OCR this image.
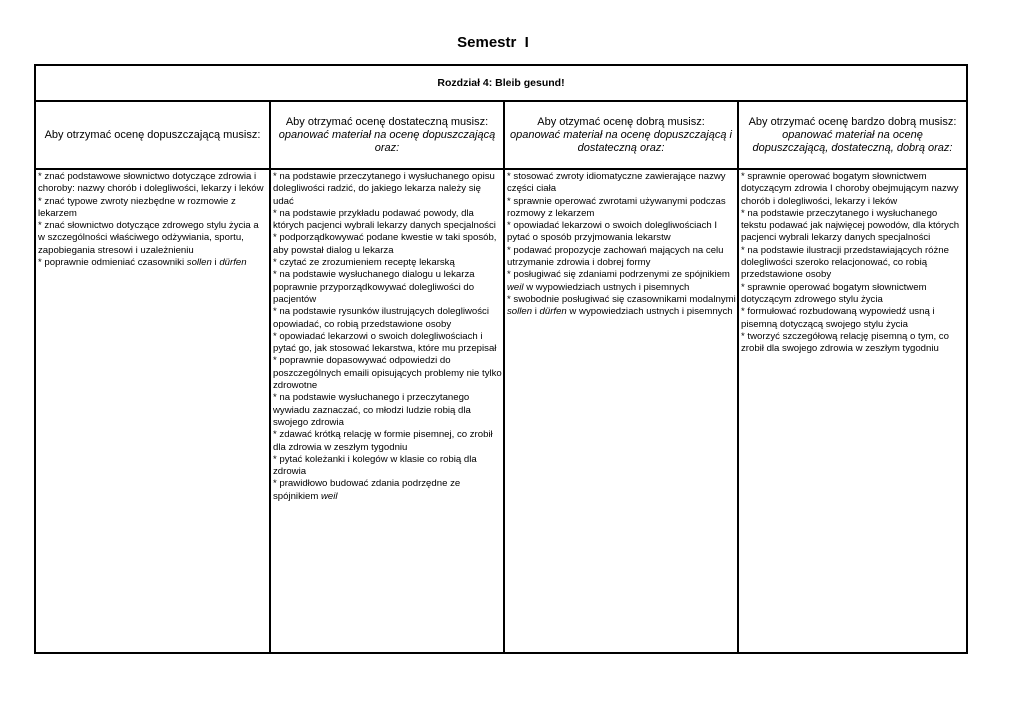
Semestr  I
Rozdział 4: Bleib gesund!
Aby otrzymać ocenę dopuszczającą musisz:
* znać podstawowe słownictwo dotyczące zdrowia i choroby: nazwy chorób i dolegliwości, lekarzy i leków
* znać typowe zwroty niezbędne w rozmowie z lekarzem
* znać słownictwo dotyczące zdrowego stylu życia a w szczególności właściwego odżywiania, sportu, zapobiegania stresowi i uzależnieniu
* poprawnie odmieniać czasowniki sollen i dürfen
Aby otrzymać ocenę dostateczną musisz:
opanować materiał na ocenę dopuszczającą oraz:
* na podstawie przeczytanego i wysłuchanego opisu dolegliwości radzić, do jakiego lekarza należy się udać
* na podstawie przykładu podawać powody, dla których pacjenci wybrali lekarzy danych specjalności
* podporządkowywać podane kwestie w taki sposób, aby powstał dialog u lekarza
* czytać ze zrozumieniem receptę lekarską
* na podstawie wysłuchanego dialogu u lekarza poprawnie przyporządkowywać dolegliwości do pacjentów
* na podstawie rysunków ilustrujących dolegliwości opowiadać, co robią przedstawione osoby
* opowiadać lekarzowi o swoich dolegliwościach i pytać go, jak stosować lekarstwa, które mu przepisał
* poprawnie dopasowywać odpowiedzi do poszczególnych emaili opisujących problemy nie tylko zdrowotne
* na podstawie wysłuchanego i przeczytanego wywiadu zaznaczać, co młodzi ludzie robią dla swojego zdrowia
* zdawać krótką relację w formie pisemnej, co zrobił dla zdrowia w zeszłym tygodniu
* pytać koleżanki i kolegów w klasie co robią dla zdrowia
* prawidłowo budować zdania podrzędne ze spójnikiem weil
Aby otzymać ocenę dobrą musisz:
opanować materiał na ocenę dopuszczającą i dostateczną oraz:
* stosować zwroty idiomatyczne zawierające nazwy części ciała
* sprawnie operować zwrotami używanymi podczas rozmowy z lekarzem
* opowiadać lekarzowi o swoich dolegliwościach I pytać o sposób przyjmowania lekarstw
* podawać propozycje zachowań mających na celu utrzymanie zdrowia i dobrej formy
* posługiwać się zdaniami podrzenymi ze spójnikiem weil w wypowiedziach ustnych i pisemnych
* swobodnie posługiwać się czasownikami modalnymi sollen i dürfen w wypowiedziach ustnych i pisemnych
Aby otrzymać ocenę bardzo dobrą musisz:
opanować materiał na ocenę dopuszczającą, dostateczną, dobrą oraz:
* sprawnie operować bogatym słownictwem dotyczącym zdrowia I choroby obejmującym nazwy chorób i dolegliwości, lekarzy i leków
* na podstawie przeczytanego i wysłuchanego tekstu podawać jak najwięcej powodów, dla których pacjenci wybrali lekarzy danych specjalności
* na podstawie ilustracji przedstawiających różne dolegliwości szeroko relacjonować, co robią przedstawione osoby
* sprawnie operować bogatym słownictwem dotyczącym zdrowego stylu życia
* formułować rozbudowaną wypowiedź usną i pisemną dotyczącą swojego stylu życia
* tworzyć szczegółową relację pisemną o tym, co zrobił dla swojego zdrowia w zeszłym tygodniu
